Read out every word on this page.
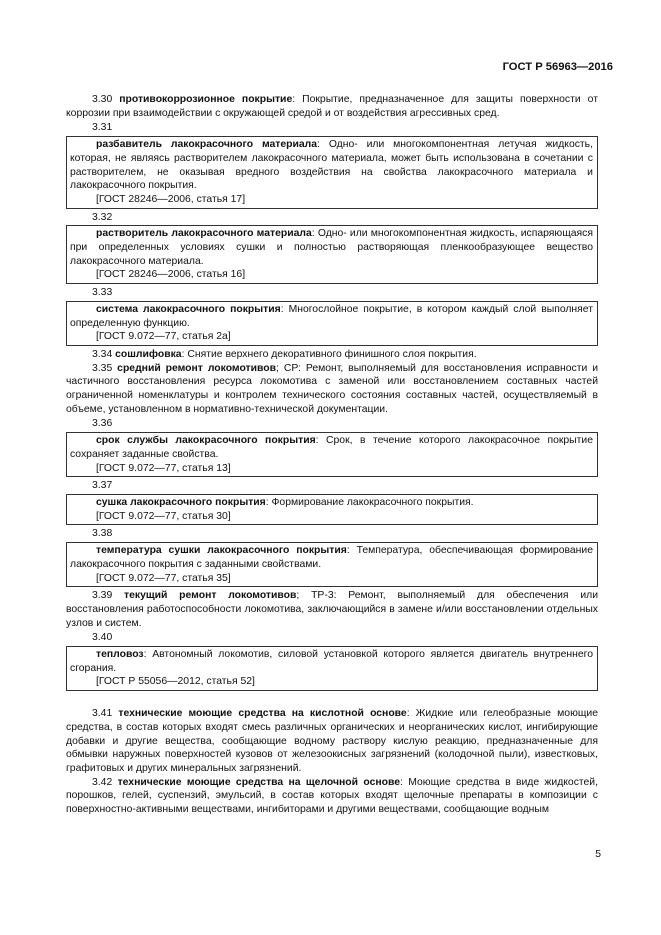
ГОСТ Р 56963—2016

3.30 противокоррозионное покрытие: Покрытие, предназначенное для защиты поверхности от коррозии при взаимодействии с окружающей средой и от воздействия агрессивных сред.

3.31

разбавитель лакокрасочного материала: Одно- или многокомпонентная летучая жидкость, которая, не являясь растворителем лакокрасочного материала, может быть использована в сочетании с растворителем, не оказывая вредного воздействия на свойства лакокрасочного материала и лакокрасочного покрытия.

[ГОСТ 28246—2006, статья 17]
3.32

растворитель лакокрасочного материала: Одно- или многокомпонентная жидкость, испаряющаяся при определенных условиях сушки и полностью растворяющая пленкообразующее вещество лакокрасочного материала.

[ГОСТ 28246—2006, статья 16]
3.33

система лакокрасочного покрытия: Многослойное покрытие, в котором каждый слой выполняет определенную функцию.

[ГОСТ 9.072—77, статья 2а]

3.34 сошлифовка: Снятие верхнего декоративного финишного слоя покрытия.

3.35 средний ремонт локомотивов; СР: Ремонт, выполняемый для восстановления исправности и частичного восстановления ресурса локомотива с заменой или восстановлением составных частей ограниченной номенклатуры и контролем технического состояния составных частей, осуществляемый в объеме, установленном в нормативно-технической документации.

3.36

срок службы лакокрасочного покрытия: Срок, в течение которого лакокрасочное покрытие сохраняет заданные свойства.

[ГОСТ 9.072—77, статья 13]
3.37

сушка лакокрасочного покрытия: Формирование лакокрасочного покрытия.

[ГОСТ 9.072—77, статья 30]
3.38

температура сушки лакокрасочного покрытия: Температура, обеспечивающая формирование лакокрасочного покрытия с заданными свойствами.

[ГОСТ 9.072—77, статья 35]

3.39 текущий ремонт локомотивов; ТР-3: Ремонт, выполняемый для обеспечения или восстановления работоспособности локомотива, заключающийся в замене и/или восстановлении отдельных узлов и систем.

3.40

тепловоз: Автономный локомотив, силовой установкой которого является двигатель внутреннего сгорания.

[ГОСТ Р 55056—2012, статья 52]

3.41 технические моющие средства на кислотной основе: Жидкие или гелеобразные моющие средства, в состав которых входят смесь различных органических и неорганических кислот, ингибирующие добавки и другие вещества, сообщающие водному раствору кислую реакцию, предназначенные для обмывки наружных поверхностей кузовов от железоокисных загрязнений (колодочной пыли), известковых, графитовых и других минеральных загрязнений.

3.42 технические моющие средства на щелочной основе: Моющие средства в виде жидкостей, порошков, гелей, суспензий, эмульсий, в состав которых входят щелочные препараты в композиции с поверхностно-активными веществами, ингибиторами и другими веществами, сообщающие водным

5
